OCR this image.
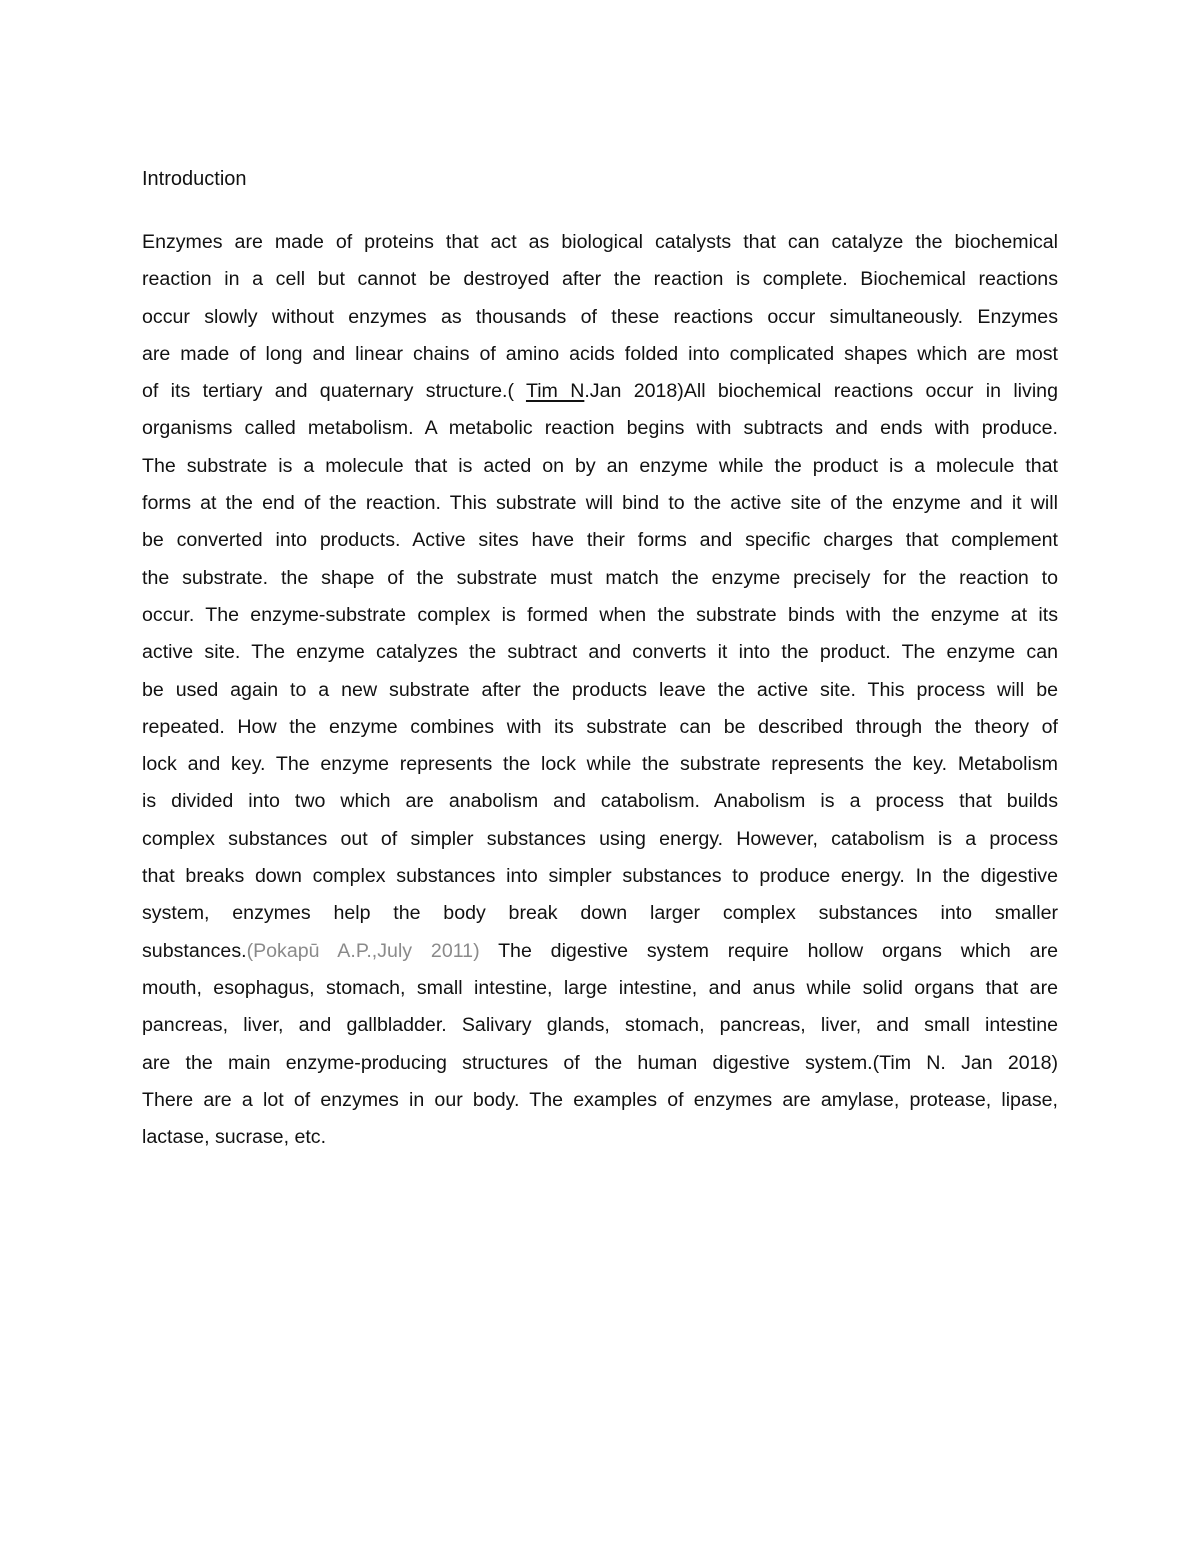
Introduction
Enzymes are made of proteins that act as biological catalysts that can catalyze the biochemical
reaction in a cell but cannot be destroyed after the reaction is complete. Biochemical reactions
occur slowly without enzymes as thousands of these reactions occur simultaneously. Enzymes
are made of long and linear chains of amino acids folded into complicated shapes which are most
of its tertiary and quaternary structure.( Tim N.Jan 2018)All biochemical reactions occur in living
organisms called metabolism. A metabolic reaction begins with subtracts and ends with produce.
The substrate is a molecule that is acted on by an enzyme while the product is a molecule that
forms at the end of the reaction. This substrate will bind to the active site of the enzyme and it will
be converted into products. Active sites have their forms and specific charges that complement
the substrate. the shape of the substrate must match the enzyme precisely for the reaction to
occur. The enzyme-substrate complex is formed when the substrate binds with the enzyme at its
active site. The enzyme catalyzes the subtract and converts it into the product. The enzyme can
be used again to a new substrate after the products leave the active site. This process will be
repeated. How the enzyme combines with its substrate can be described through the theory of
lock and key. The enzyme represents the lock while the substrate represents the key. Metabolism
is divided into two which are anabolism and catabolism. Anabolism is a process that builds
complex substances out of simpler substances using energy. However, catabolism is a process
that breaks down complex substances into simpler substances to produce energy. In the digestive
system, enzymes help the body break down larger complex substances into smaller
substances.(Pokapū A.P.,July 2011) The digestive system require hollow organs which are
mouth, esophagus, stomach, small intestine, large intestine, and anus while solid organs that are
pancreas, liver, and gallbladder. Salivary glands, stomach, pancreas, liver, and small intestine
are the main enzyme-producing structures of the human digestive system.(Tim N. Jan 2018)
There are a lot of enzymes in our body. The examples of enzymes are amylase, protease, lipase,
lactase, sucrase, etc.
